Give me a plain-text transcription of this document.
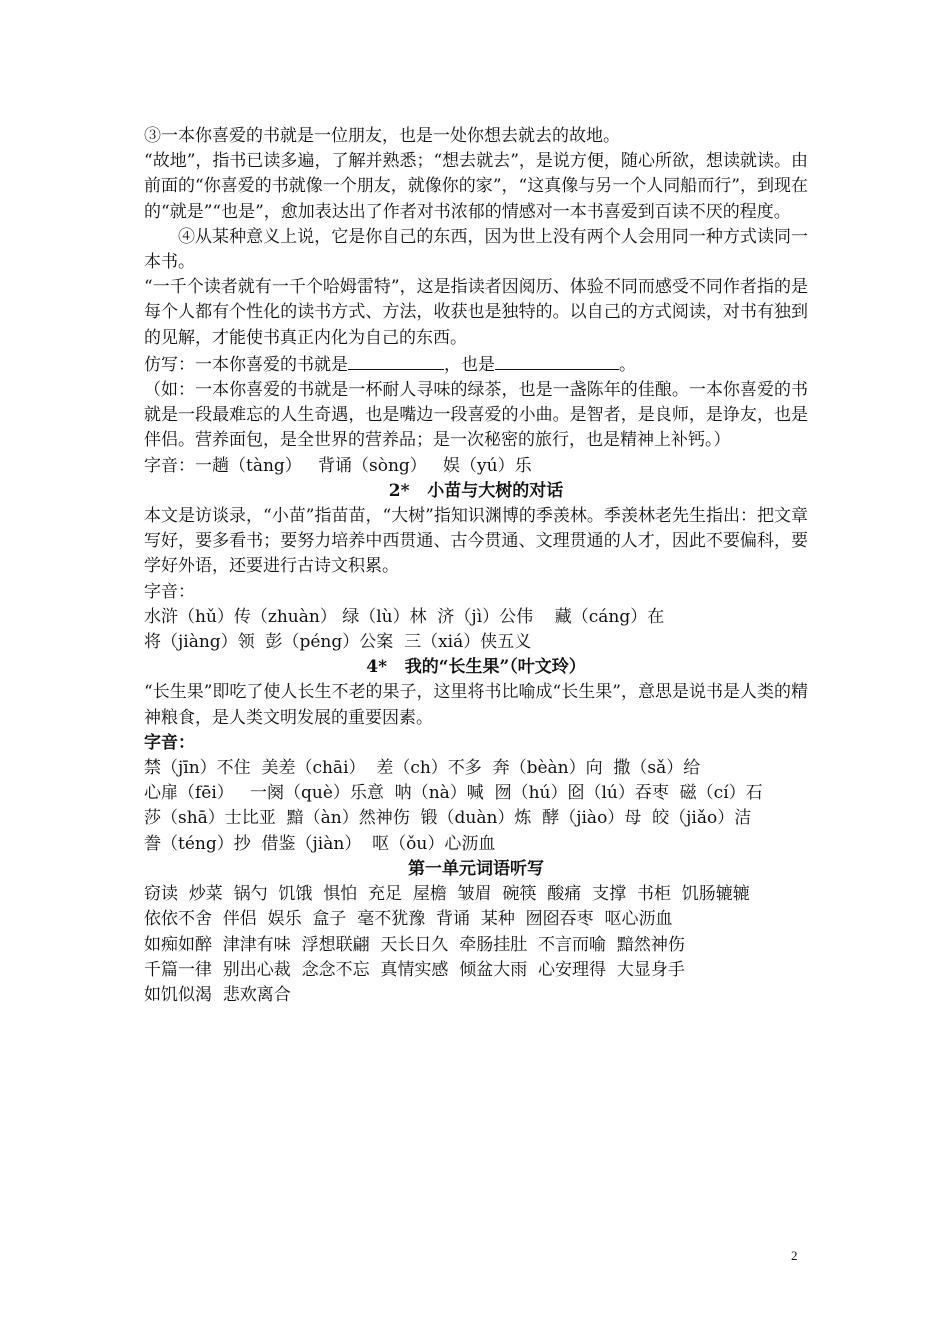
③一本你喜爱的书就是一位朋友，也是一处你想去就去的故地。

“故地”，指书已读多遍，了解并熟悉；“想去就去”，是说方便，随心所欲，想读就读。由前面的“你喜爱的书就像一个朋友，就像你的家”，“这真像与另一个人同船而行”，到现在的“就是”“也是”，愈加表达出了作者对书浓郁的情感对一本书喜爱到百读不厌的程度。

④从某种意义上说，它是你自己的东西，因为世上没有两个人会用同一种方式读同一本书。

“一千个读者就有一千个哈姆雷特”，这是指读者因阅历、体验不同而感受不同作者指的是每个人都有个性化的读书方式、方法，收获也是独特的。以自己的方式阅读，对书有独到的见解，才能使书真正内化为自己的东西。

仿写：一本你喜爱的书就是	，也是	。

（如：一本你喜爱的书就是一杯耐人寻味的绿茶，也是一盏陈年的佳酿。一本你喜爱的书就是一段最难忘的人生奇遇，也是嘴边一段喜爱的小曲。是智者，是良师，是诤友，也是伴侣。营养面包，是全世界的营养品；是一次秘密的旅行，也是精神上补钙。）

字音：一趟（tàng）   背诵（sòng）   娱（yú）乐

2*   小苗与大树的对话

本文是访谈录，“小苗”指苗苗，“大树”指知识渊博的季羡林。季羡林老先生指出：把文章写好，要多看书；要努力培养中西贯通、古今贯通、文理贯通的人才，因此不要偏科，要学好外语，还要进行古诗文积累。

字音：

水浒（hǔ）传（zhuàn） 绿（lù）林  济（jì）公伟    藏（cáng）在

将（jiàng）领  彭（péng）公案  三（xiá）侠五义

4*   我的“长生果”（叶文玲）

“长生果”即吃了使人长生不老的果子，这里将书比喻成“长生果”，意思是说书是人类的精神粮食，是人类文明发展的重要因素。

字音：

禁（jīn）不住  美差（chāi）  差（ch）不多  奔（bèàn）向  撒（sǎ）给

心扉（fēi）   一阕（què）乐意  呐（nà）喊  囫（hú）囵（lú）吞枣  磁（cí）石

莎（shā）士比亚  黯（àn）然神伤  锻（duàn）炼  酵（jiào）母  皎（jiǎo）洁

誊（téng）抄  借鉴（jiàn）  呕（ǒu）心沥血

第一单元词语听写

窃读  炒菜  锅勺  饥饿  惧怕  充足  屋檐  皱眉  碗筷  酸痛  支撑  书柜  饥肠辘辘

依依不舍  伴侣  娱乐  盒子  毫不犹豫  背诵  某种  囫囵吞枣  呕心沥血

如痴如醉  津津有味  浮想联翩  天长日久  牵肠挂肚  不言而喻  黯然神伤

千篇一律  别出心裁  念念不忘  真情实感  倾盆大雨  心安理得  大显身手

如饥似渴  悲欢离合

2
